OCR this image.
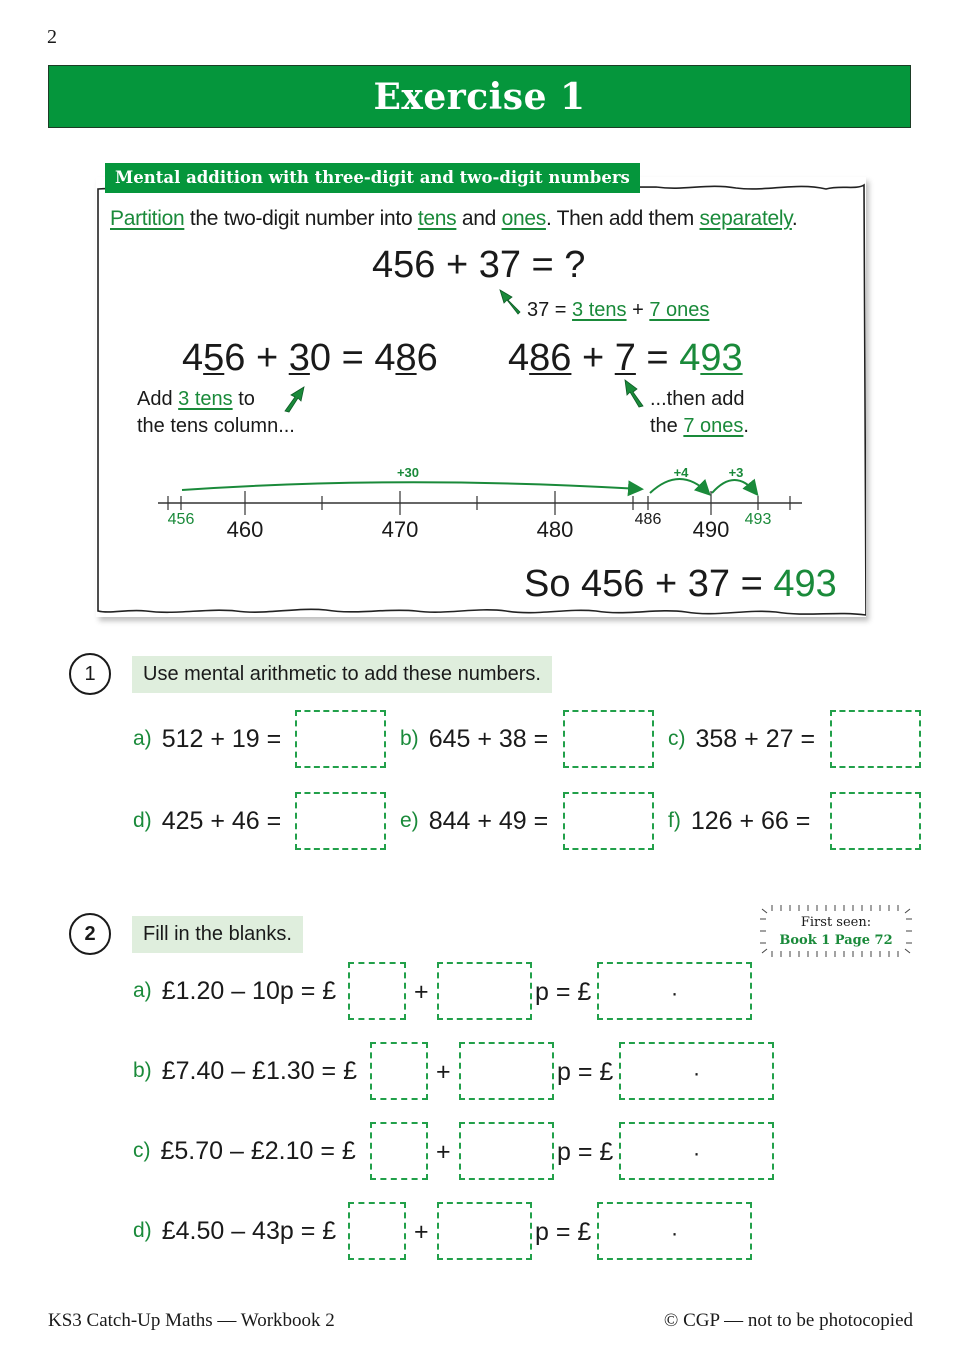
2
Exercise 1
Mental addition with three-digit and two-digit numbers
Partition the two-digit number into tens and ones. Then add them separately.
456 + 37 = ?
37 = 3 tens + 7 ones
456 + 30 = 486 486 + 7 = 493
Add 3 tens to
the tens column...
...then add
the 7 ones.
+30	+4	+3
456 460	470	480	486 490 493
So 456 + 37 = 493
1	Use mental arithmetic to add these numbers.
a) 512 + 19 =	b) 645 + 38 =	c) 358 + 27 =
d) 425 + 46 =	e) 844 + 49 =	f) 126 + 66 =
2	Fill in the blanks.
First seen:
Book 1 Page 72
a) £1.20 – 10p = £	+	p = £	.
b) £7.40 – £1.30 = £	+	p = £	.
c) £5.70 – £2.10 = £	+	p = £	.
d) £4.50 – 43p = £	+	p = £	.
KS3 Catch-Up Maths — Workbook 2	© CGP — not to be photocopied
